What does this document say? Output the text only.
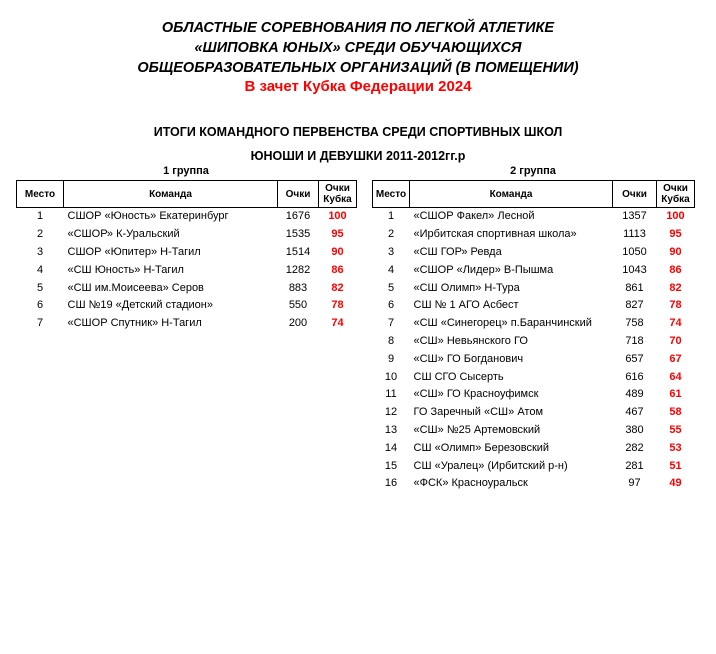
ОБЛАСТНЫЕ СОРЕВНОВАНИЯ ПО ЛЕГКОЙ АТЛЕТИКЕ
«ШИПОВКА ЮНЫХ» СРЕДИ ОБУЧАЮЩИХСЯ
ОБЩЕОБРАЗОВАТЕЛЬНЫХ ОРГАНИЗАЦИЙ (В ПОМЕЩЕНИИ)
В зачет Кубка Федерации 2024
ИТОГИ КОМАНДНОГО ПЕРВЕНСТВА СРЕДИ СПОРТИВНЫХ ШКОЛ
ЮНОШИ И ДЕВУШКИ 2011-2012гг.р
1 группа	2 группа
Место	Команда	Очки	Очки Кубка
1	СШОР «Юность» Екатеринбург	1676	100
2	«СШОР» К-Уральский	1535	95
3	СШОР «Юпитер» Н-Тагил	1514	90
4	«СШ Юность» Н-Тагил	1282	86
5	«СШ им.Моисеева» Серов	883	82
6	СШ №19 «Детский стадион»	550	78
7	«СШОР Спутник» Н-Тагил	200	74
Место	Команда	Очки	Очки Кубка
1	«СШОР Факел» Лесной	1357	100
2	«Ирбитская спортивная школа»	1113	95
3	«СШ ГОР» Ревда	1050	90
4	«СШОР «Лидер» В-Пышма	1043	86
5	«СШ Олимп» Н-Тура	861	82
6	СШ № 1 АГО Асбест	827	78
7	«СШ «Синегорец» п.Баранчинский	758	74
8	«СШ» Невьянского ГО	718	70
9	«СШ» ГО Богданович	657	67
10	СШ СГО Сысерть	616	64
11	«СШ» ГО Красноуфимск	489	61
12	ГО Заречный «СШ» Атом	467	58
13	«СШ» №25 Артемовский	380	55
14	СШ «Олимп» Березовский	282	53
15	СШ «Уралец» (Ирбитский р-н)	281	51
16	«ФСК» Красноуральск	97	49
